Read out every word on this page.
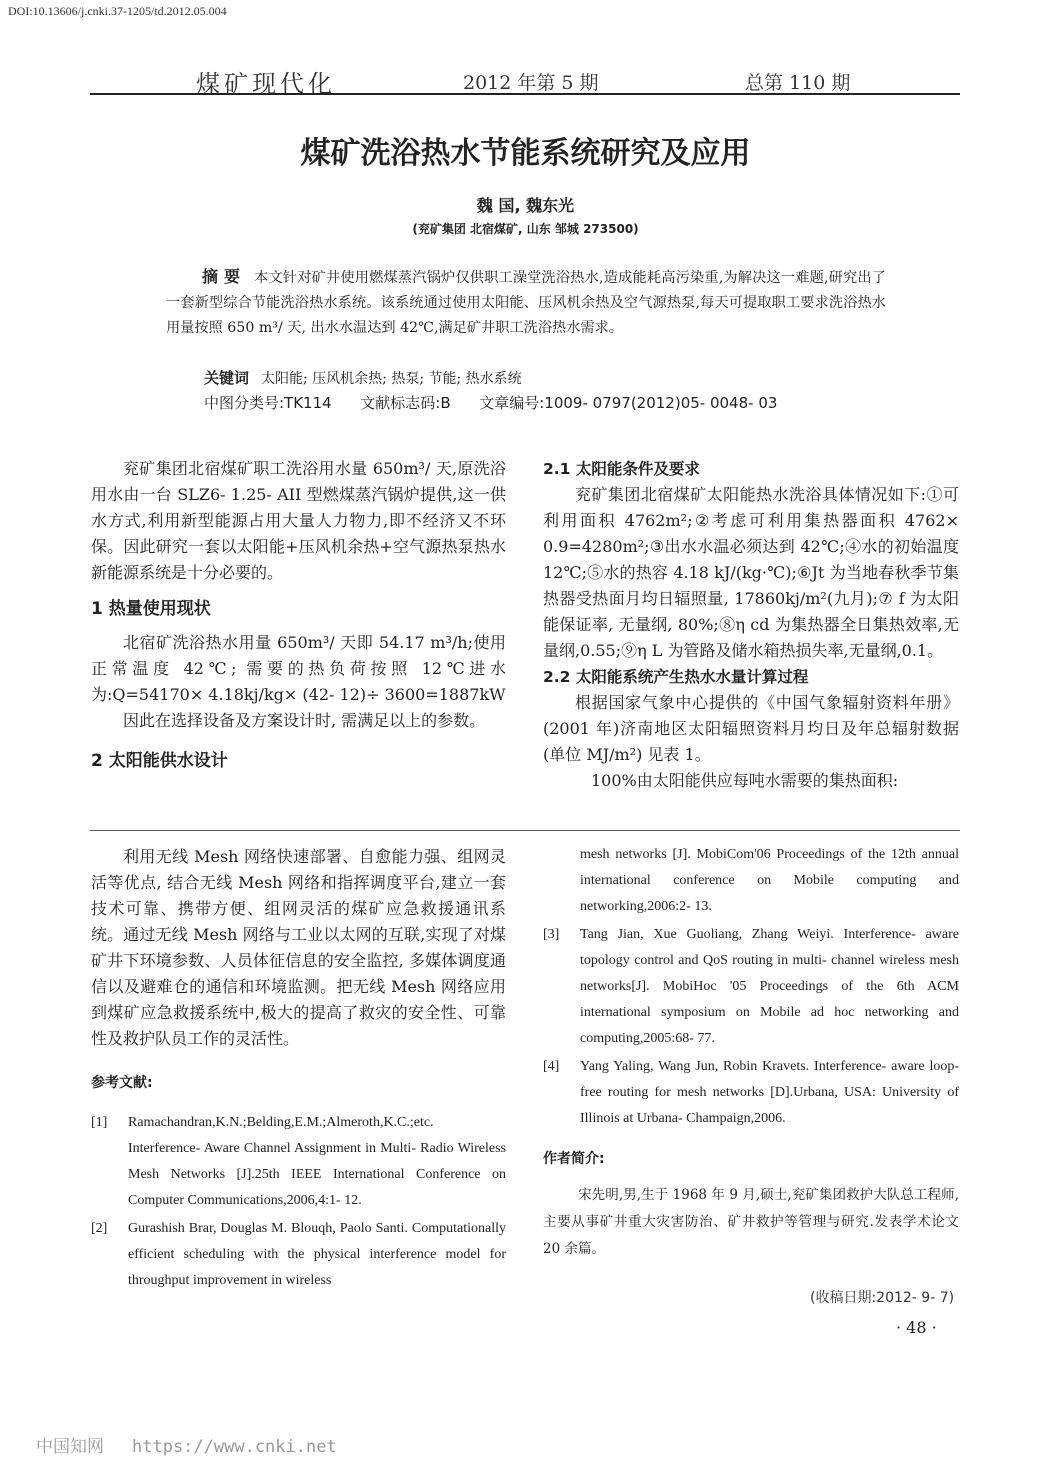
DOI:10.13606/j.cnki.37-1205/td.2012.05.004
煤矿现代化	2012 年第 5 期	总第 110 期
煤矿洗浴热水节能系统研究及应用
魏 国, 魏东光
(兖矿集团 北宿煤矿, 山东 邹城 273500)
摘 要 本文针对矿井使用燃煤蒸汽锅炉仅供职工澡堂洗浴热水,造成能耗高污染重,为解决这一难题,研究出了一套新型综合节能洗浴热水系统。该系统通过使用太阳能、压风机余热及空气源热泵,每天可提取职工要求洗浴热水用量按照 650 m³/ 天, 出水水温达到 42℃,满足矿井职工洗浴热水需求。
关键词 太阳能; 压风机余热; 热泵; 节能; 热水系统
中图分类号:TK114      文献标志码:B      文章编号:1009- 0797(2012)05- 0048- 03

兖矿集团北宿煤矿职工洗浴用水量 650m³/ 天,原洗浴用水由一台 SLZ6- 1.25- AII 型燃煤蒸汽锅炉提供,这一供水方式,利用新型能源占用大量人力物力,即不经济又不环保。因此研究一套以太阳能+压风机余热+空气源热泵热水新能源系统是十分必要的。

1 热量使用现状

北宿矿洗浴热水用量 650m³/ 天即 54.17 m³/h;使用正常温度 42℃; 需要的热负荷按照 12℃进水为:Q=54170× 4.18kj/kg× (42- 12)÷ 3600=1887kW

因此在选择设备及方案设计时, 需满足以上的参数。

2 太阳能供水设计
2.1 太阳能条件及要求

兖矿集团北宿煤矿太阳能热水洗浴具体情况如下:①可利用面积 4762m²;②考虑可利用集热器面积 4762× 0.9=4280m²;③出水水温必须达到 42℃;④水的初始温度 12℃;⑤水的热容 4.18 kJ/(kg·℃);⑥Jt 为当地春秋季节集热器受热面月均日辐照量, 17860kj/m²(九月);⑦ f 为太阳能保证率, 无量纲, 80%;⑧η cd 为集热器全日集热效率,无量纲,0.55;⑨η L 为管路及储水箱热损失率,无量纲,0.1。

2.2 太阳能系统产生热水水量计算过程

根据国家气象中心提供的《中国气象辐射资料年册》(2001 年)济南地区太阳辐照资料月均日及年总辐射数据(单位 MJ/m²) 见表 1。

100%由太阳能供应每吨水需要的集热面积:

利用无线 Mesh 网络快速部署、自愈能力强、组网灵活等优点, 结合无线 Mesh 网络和指挥调度平台,建立一套技术可靠、携带方便、组网灵活的煤矿应急救援通讯系统。通过无线 Mesh 网络与工业以太网的互联,实现了对煤矿井下环境参数、人员体征信息的安全监控, 多媒体调度通信以及避难仓的通信和环境监测。把无线 Mesh 网络应用到煤矿应急救援系统中,极大的提高了救灾的安全性、可靠性及救护队员工作的灵活性。

参考文献:
[1] Ramachandran,K.N.;Belding,E.M.;Almeroth,K.C.;etc. Interference- Aware Channel Assignment in Multi- Radio Wireless Mesh Networks [J].25th IEEE International Conference on Computer Communications,2006,4:1- 12.
[2] Gurashish Brar, Douglas M. Blouqh, Paolo Santi. Computationally efficient scheduling with the physical interference model for throughput improvement in wireless
mesh networks [J]. MobiCom'06 Proceedings of the 12th annual international conference on Mobile computing and networking,2006:2- 13.
[3] Tang Jian, Xue Guoliang, Zhang Weiyi. Interference- aware topology control and QoS routing in multi- channel wireless mesh networks[J]. MobiHoc '05 Proceedings of the 6th ACM international symposium on Mobile ad hoc networking and computing,2005:68- 77.
[4] Yang Yaling, Wang Jun, Robin Kravets. Interference- aware loop- free routing for mesh networks [D].Urbana, USA: University of Illinois at Urbana- Champaign,2006.
作者简介:
宋先明,男,生于 1968 年 9 月,硕士,兖矿集团救护大队总工程师,主要从事矿井重大灾害防治、矿井救护等管理与研究.发表学术论文 20 余篇。
(收稿日期:2012- 9- 7)
· 48 ·
中国知网 https://www.cnki.net
